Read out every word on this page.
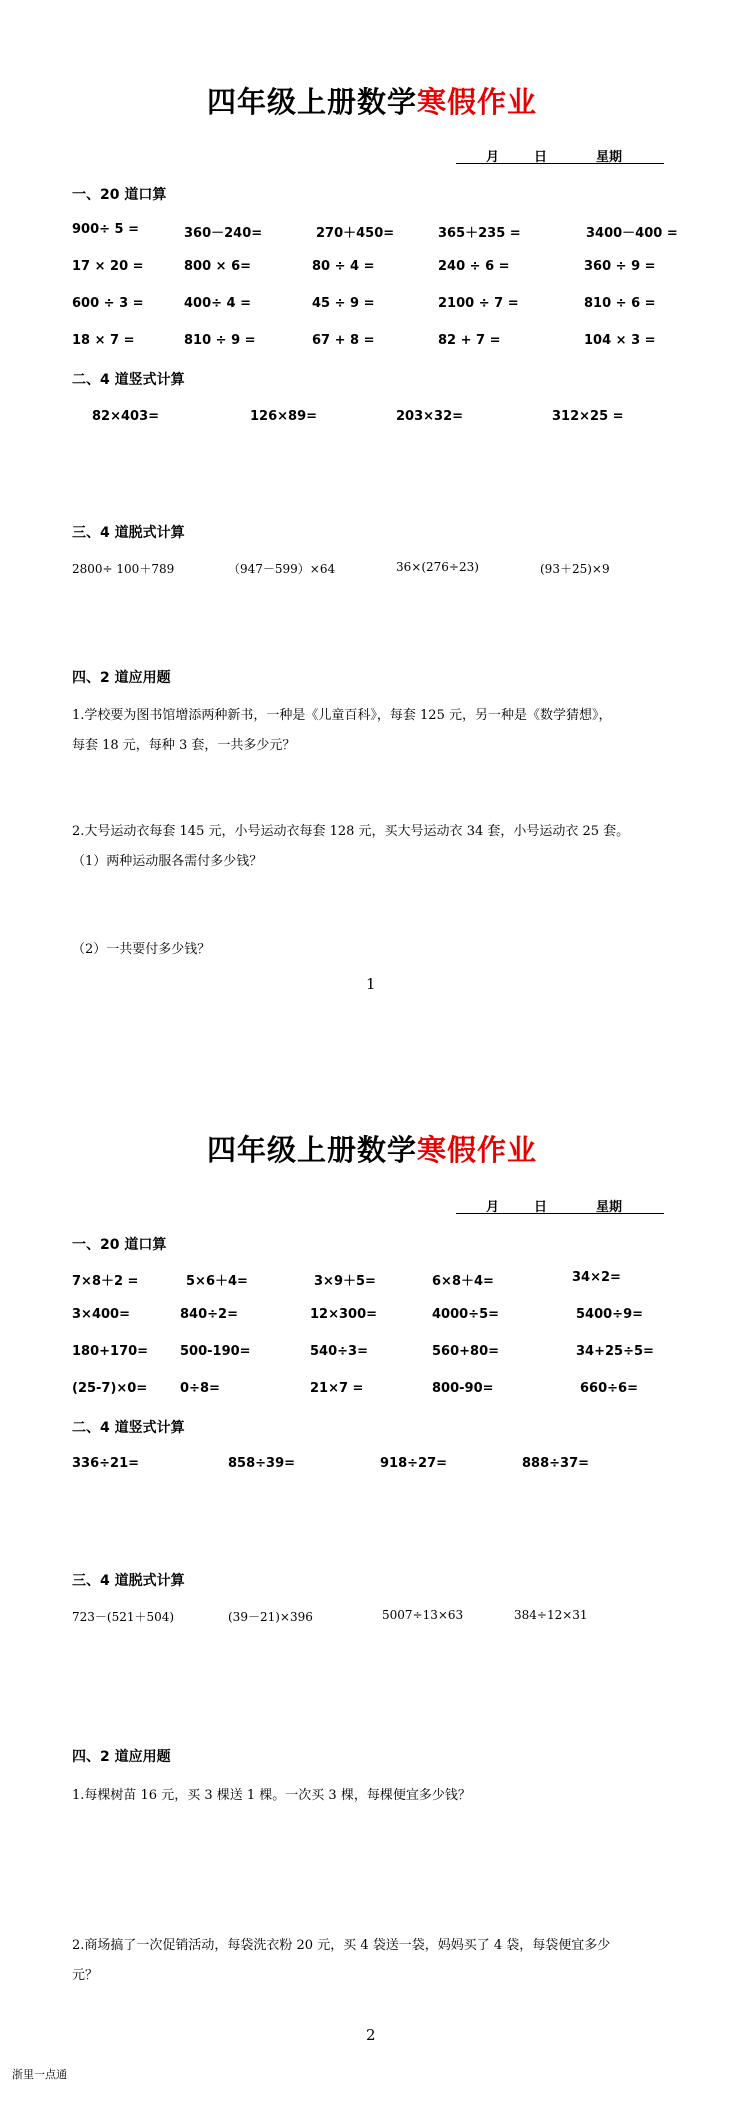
四年级上册数学寒假作业
月	日	星期
一、20 道口算
900÷ 5 =	360－240=	270＋450=	365＋235 =	3400－400 =
17 × 20 =	800 × 6=	80 ÷ 4 =	240 ÷ 6 =	360 ÷ 9 =
600 ÷ 3 =	400÷ 4 =	45 ÷ 9 =	2100 ÷ 7 =	810 ÷ 6 =
18 × 7 =	810 ÷ 9 =	67 + 8 =	82 + 7 =	104 × 3 =
二、4 道竖式计算
82×403=	126×89=	203×32=	312×25 =
三、4 道脱式计算
2800÷ 100＋789	（947－599）×64	36×(276÷23)	(93＋25)×9
四、2 道应用题
1.学校要为图书馆增添两种新书，一种是《儿童百科》，每套 125 元，另一种是《数学猜想》，
每套 18 元，每种 3 套，一共多少元？
2.大号运动衣每套 145 元，小号运动衣每套 128 元，买大号运动衣 34 套，小号运动衣 25 套。
（1）两种运动服各需付多少钱？
（2）一共要付多少钱？
1
四年级上册数学寒假作业
月	日	星期
一、20 道口算
7×8＋2 =	5×6＋4=	3×9＋5=	6×8＋4=	34×2=
3×400=	840÷2=	12×300=	4000÷5=	5400÷9=
180+170= 500-190=	540÷3=	560+80=	34+25÷5=
(25-7)×0=	0÷8=	21×7 =	800-90=	660÷6=
二、4 道竖式计算
336÷21=	858÷39=	918÷27=	888÷37=
三、4 道脱式计算
723－(521＋504)	(39－21)×396	5007÷13×63	384÷12×31
四、2 道应用题
1.每棵树苗 16 元，买 3 棵送 1 棵。一次买 3 棵，每棵便宜多少钱？
2.商场搞了一次促销活动，每袋洗衣粉 20 元，买 4 袋送一袋，妈妈买了 4 袋，每袋便宜多少
元？
2
浙里一点通
